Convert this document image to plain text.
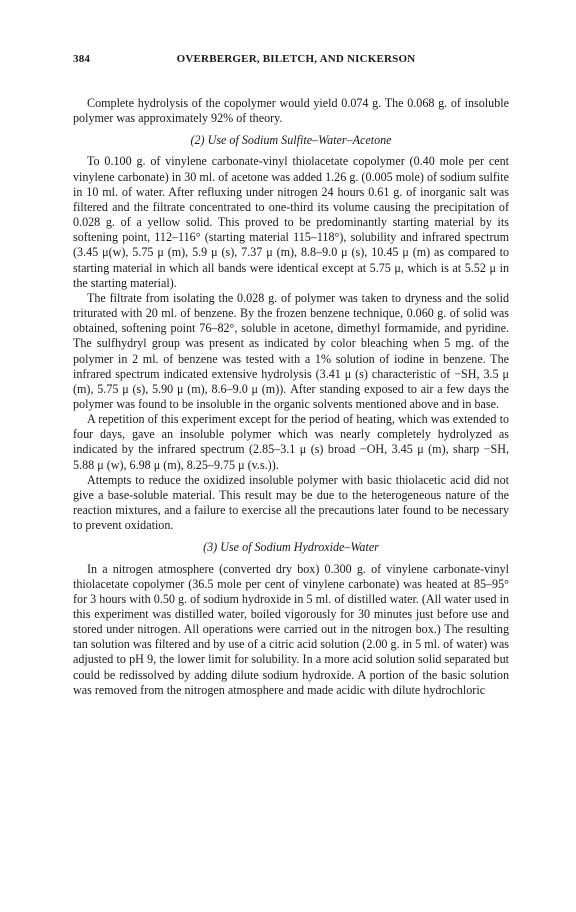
384	OVERBERGER, BILETCH, AND NICKERSON

Complete hydrolysis of the copolymer would yield 0.074 g. The 0.068 g. of insoluble polymer was approximately 92% of theory.

(2) Use of Sodium Sulfite–Water–Acetone

To 0.100 g. of vinylene carbonate-vinyl thiolacetate copolymer (0.40 mole per cent vinylene carbonate) in 30 ml. of acetone was added 1.26 g. (0.005 mole) of sodium sulfite in 10 ml. of water. After refluxing under nitrogen 24 hours 0.61 g. of inorganic salt was filtered and the filtrate concentrated to one-third its volume causing the precipitation of 0.028 g. of a yellow solid. This proved to be predominantly starting material by its softening point, 112–116° (starting material 115–118°), solubility and infrared spectrum (3.45 μ(w), 5.75 μ (m), 5.9 μ (s), 7.37 μ (m), 8.8–9.0 μ (s), 10.45 μ (m) as compared to starting material in which all bands were identical except at 5.75 μ, which is at 5.52 μ in the starting material).

The filtrate from isolating the 0.028 g. of polymer was taken to dryness and the solid triturated with 20 ml. of benzene. By the frozen benzene technique, 0.060 g. of solid was obtained, softening point 76–82°, soluble in acetone, dimethyl formamide, and pyridine. The sulfhydryl group was present as indicated by color bleaching when 5 mg. of the polymer in 2 ml. of benzene was tested with a 1% solution of iodine in benzene. The infrared spectrum indicated extensive hydrolysis (3.41 μ (s) characteristic of −SH, 3.5 μ (m), 5.75 μ (s), 5.90 μ (m), 8.6–9.0 μ (m)). After standing exposed to air a few days the polymer was found to be insoluble in the organic solvents mentioned above and in base.

A repetition of this experiment except for the period of heating, which was extended to four days, gave an insoluble polymer which was nearly completely hydrolyzed as indicated by the infrared spectrum (2.85–3.1 μ (s) broad −OH, 3.45 μ (m), sharp −SH, 5.88 μ (w), 6.98 μ (m), 8.25–9.75 μ (v.s.)).

Attempts to reduce the oxidized insoluble polymer with basic thiolacetic acid did not give a base-soluble material. This result may be due to the heterogeneous nature of the reaction mixtures, and a failure to exercise all the precautions later found to be necessary to prevent oxidation.

(3) Use of Sodium Hydroxide–Water

In a nitrogen atmosphere (converted dry box) 0.300 g. of vinylene carbonate-vinyl thiolacetate copolymer (36.5 mole per cent of vinylene carbonate) was heated at 85–95° for 3 hours with 0.50 g. of sodium hydroxide in 5 ml. of distilled water. (All water used in this experiment was distilled water, boiled vigorously for 30 minutes just before use and stored under nitrogen. All operations were carried out in the nitrogen box.) The resulting tan solution was filtered and by use of a citric acid solution (2.00 g. in 5 ml. of water) was adjusted to pH 9, the lower limit for solubility. In a more acid solution solid separated but could be redissolved by adding dilute sodium hydroxide. A portion of the basic solution was removed from the nitrogen atmosphere and made acidic with dilute hydrochloric
